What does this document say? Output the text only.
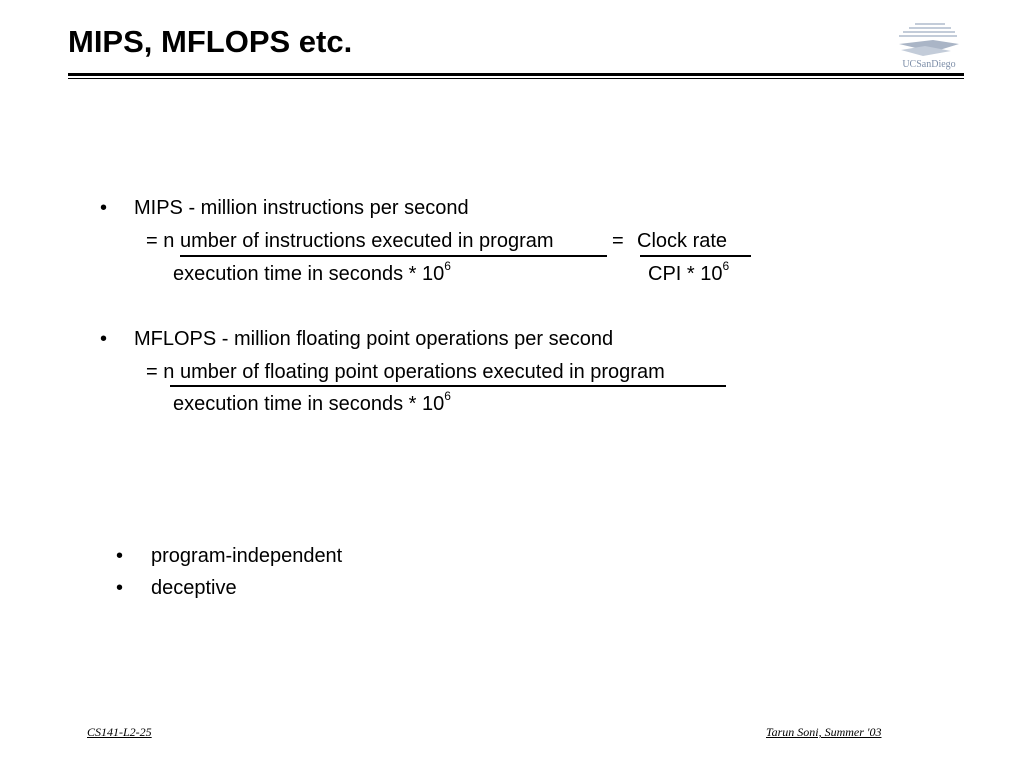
MIPS, MFLOPS etc.
UCSanDiego
• MIPS - million instructions per second
= n umber of instructions executed in program	= Clock rate
execution time in seconds * $10^6$	CPI * $10^6$
• MFLOPS - million floating point operations per second
= n umber of floating point operations executed in program
execution time in seconds * $10^6$
• program-independent
• deceptive
CS141-L2-25	Tarun Soni, Summer '03
